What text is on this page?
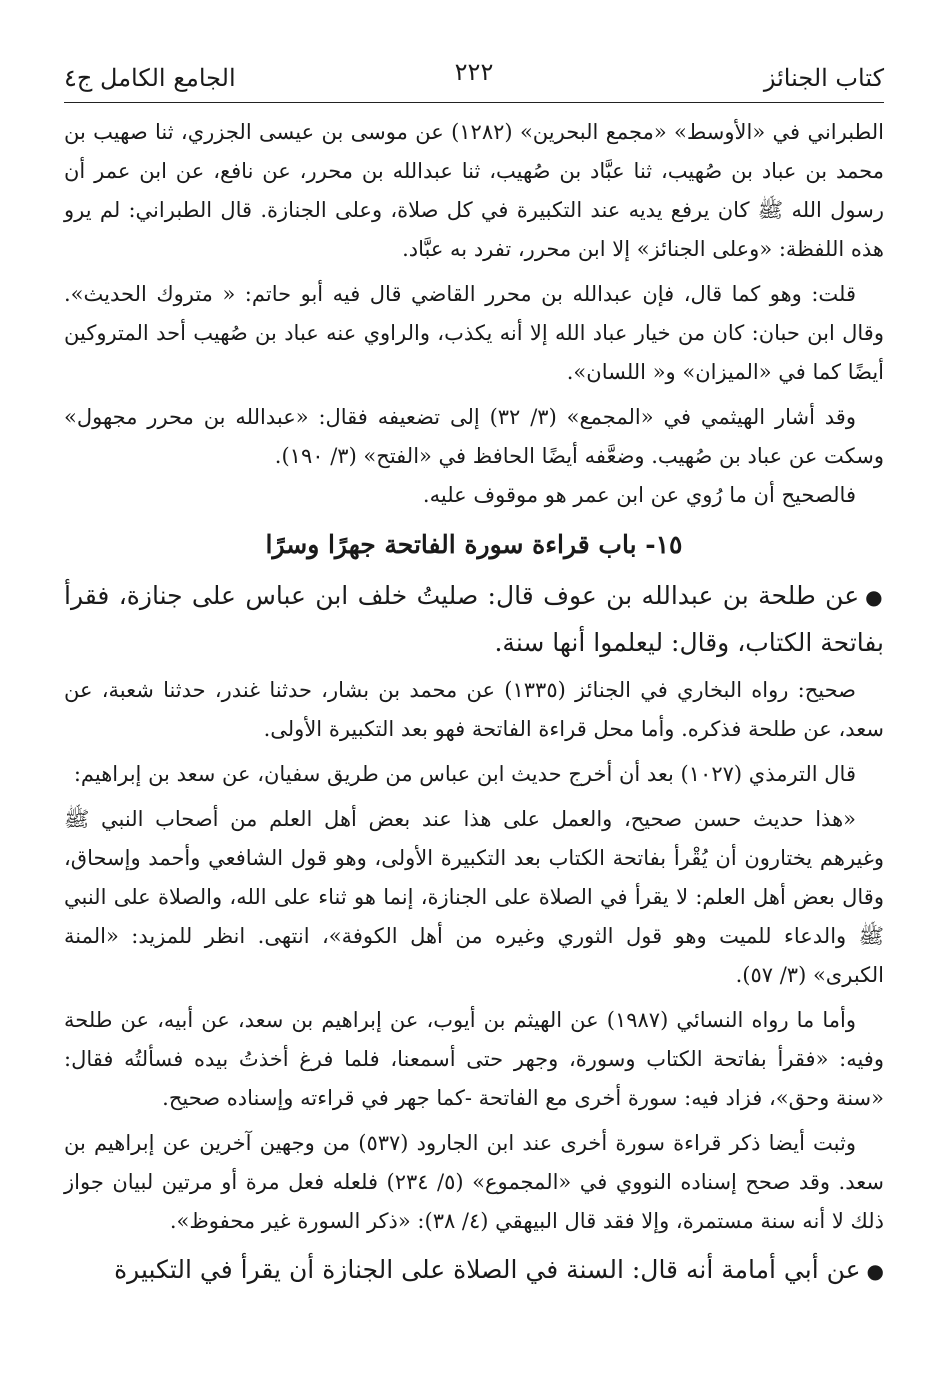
كتاب الجنائز
٢٢٢
الجامع الكامل ج٤

الطبراني في «الأوسط» «مجمع البحرين» (١٢٨٢) عن موسى بن عيسى الجزري، ثنا صهيب بن محمد بن عباد بن صُهيب، ثنا عبَّاد بن صُهيب، ثنا عبدالله بن محرر، عن نافع، عن ابن عمر أن رسول الله ﷺ كان يرفع يديه عند التكبيرة في كل صلاة، وعلى الجنازة. قال الطبراني: لم يرو هذه اللفظة: «وعلى الجنائز» إلا ابن محرر، تفرد به عبَّاد.

قلت: وهو كما قال، فإن عبدالله بن محرر القاضي قال فيه أبو حاتم: « متروك الحديث». وقال ابن حبان: كان من خيار عباد الله إلا أنه يكذب، والراوي عنه عباد بن صُهيب أحد المتروكين أيضًا كما في «الميزان» و« اللسان».

وقد أشار الهيثمي في «المجمع» (٣/ ٣٢) إلى تضعيفه فقال: «عبدالله بن محرر مجهول» وسكت عن عباد بن صُهيب. وضعَّفه أيضًا الحافظ في «الفتح» (٣/ ١٩٠).

فالصحيح أن ما رُوي عن ابن عمر هو موقوف عليه.

١٥- باب قراءة سورة الفاتحة جهرًا وسرًا

●عن طلحة بن عبدالله بن عوف قال: صليتُ خلف ابن عباس على جنازة، فقرأ بفاتحة الكتاب، وقال: ليعلموا أنها سنة.

صحيح: رواه البخاري في الجنائز (١٣٣٥) عن محمد بن بشار، حدثنا غندر، حدثنا شعبة، عن سعد، عن طلحة فذكره. وأما محل قراءة الفاتحة فهو بعد التكبيرة الأولى.

قال الترمذي (١٠٢٧) بعد أن أخرج حديث ابن عباس من طريق سفيان، عن سعد بن إبراهيم:

«هذا حديث حسن صحيح، والعمل على هذا عند بعض أهل العلم من أصحاب النبي ﷺ وغيرهم يختارون أن يُقْرأ بفاتحة الكتاب بعد التكبيرة الأولى، وهو قول الشافعي وأحمد وإسحاق، وقال بعض أهل العلم: لا يقرأ في الصلاة على الجنازة، إنما هو ثناء على الله، والصلاة على النبي ﷺ والدعاء للميت وهو قول الثوري وغيره من أهل الكوفة»، انتهى. انظر للمزيد: «المنة الكبرى» (٣/ ٥٧).

وأما ما رواه النسائي (١٩٨٧) عن الهيثم بن أيوب، عن إبراهيم بن سعد، عن أبيه، عن طلحة وفيه: «فقرأ بفاتحة الكتاب وسورة، وجهر حتى أسمعنا، فلما فرغ أخذتُ بيده فسألتُه فقال: «سنة وحق»، فزاد فيه: سورة أخرى مع الفاتحة -كما جهر في قراءته وإسناده صحيح.

وثبت أيضا ذكر قراءة سورة أخرى عند ابن الجارود (٥٣٧) من وجهين آخرين عن إبراهيم بن سعد. وقد صحح إسناده النووي في «المجموع» (٥/ ٢٣٤) فلعله فعل مرة أو مرتين لبيان جواز ذلك لا أنه سنة مستمرة، وإلا فقد قال البيهقي (٤/ ٣٨): «ذكر السورة غير محفوظ».

●عن أبي أمامة أنه قال: السنة في الصلاة على الجنازة أن يقرأ في التكبيرة
